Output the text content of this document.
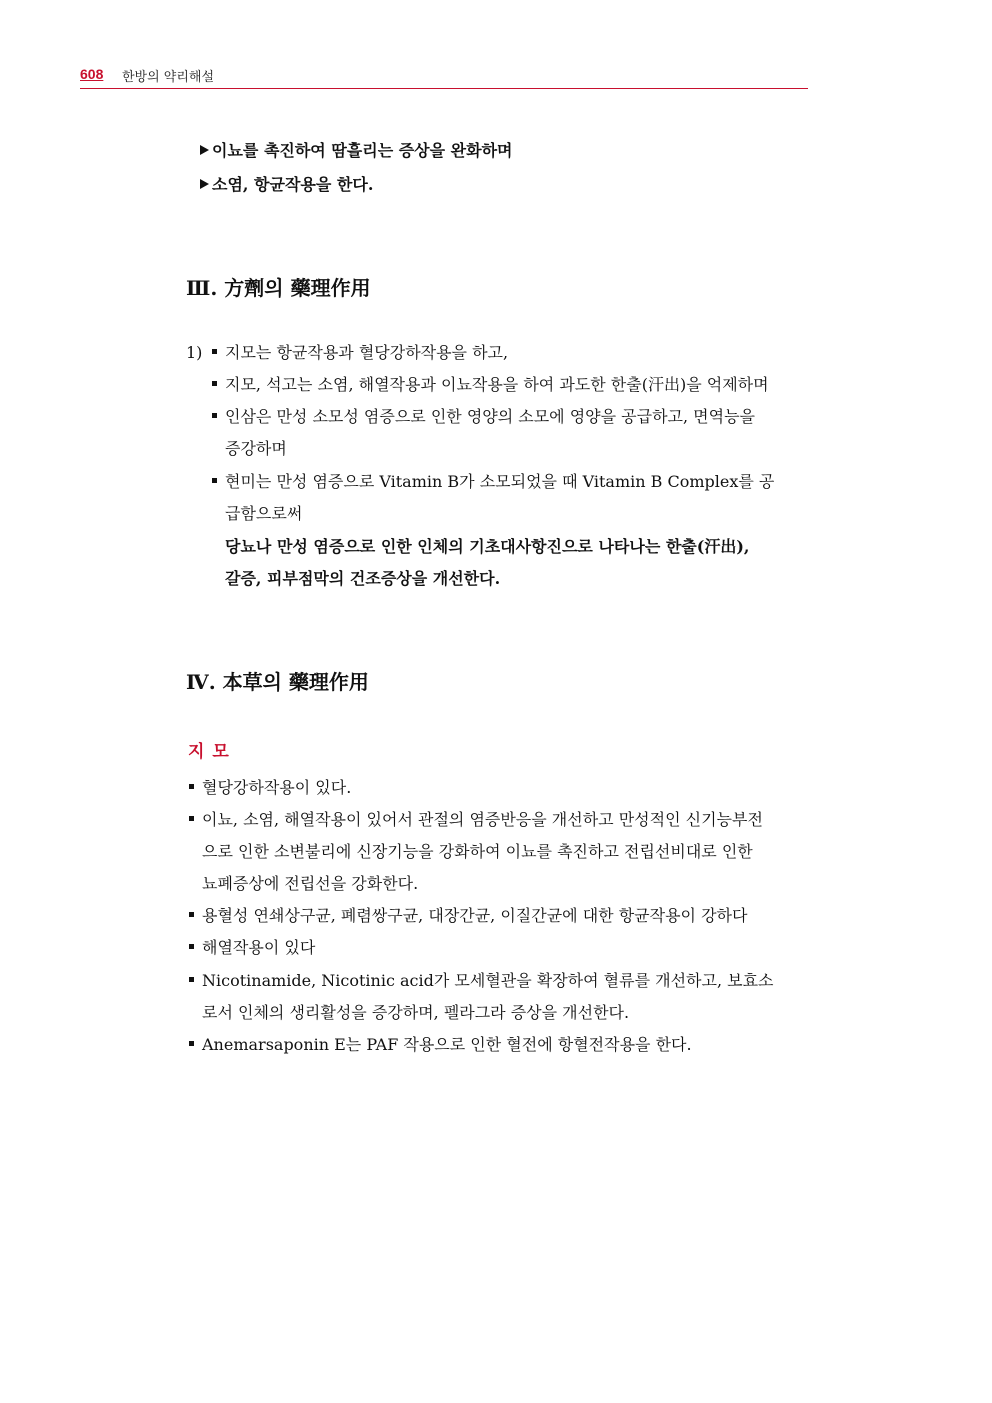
608 한방의 약리해설
이뇨를 촉진하여 땀흘리는 증상을 완화하며
소염, 항균작용을 한다.
Ⅲ. 方劑의 藥理作用
1)	지모는 항균작용과 혈당강하작용을 하고,
지모, 석고는 소염, 해열작용과 이뇨작용을 하여 과도한 한출(汗出)을 억제하며
인삼은 만성 소모성 염증으로 인한 영양의 소모에 영양을 공급하고, 면역능을
증강하며
현미는 만성 염증으로 Vitamin B가 소모되었을 때 Vitamin B Complex를 공
급함으로써
당뇨나 만성 염증으로 인한 인체의 기초대사항진으로 나타나는 한출(汗出),
갈증, 피부점막의 건조증상을 개선한다.
Ⅳ. 本草의 藥理作用
지모
혈당강하작용이 있다.
이뇨, 소염, 해열작용이 있어서 관절의 염증반응을 개선하고 만성적인 신기능부전
으로 인한 소변불리에 신장기능을 강화하여 이뇨를 촉진하고 전립선비대로 인한
뇨폐증상에 전립선을 강화한다.
용혈성 연쇄상구균, 폐렴쌍구균, 대장간균, 이질간균에 대한 항균작용이 강하다
해열작용이 있다
Nicotinamide, Nicotinic acid가 모세혈관을 확장하여 혈류를 개선하고, 보효소
로서 인체의 생리활성을 증강하며, 펠라그라 증상을 개선한다.
Anemarsaponin E는 PAF 작용으로 인한 혈전에 항혈전작용을 한다.
